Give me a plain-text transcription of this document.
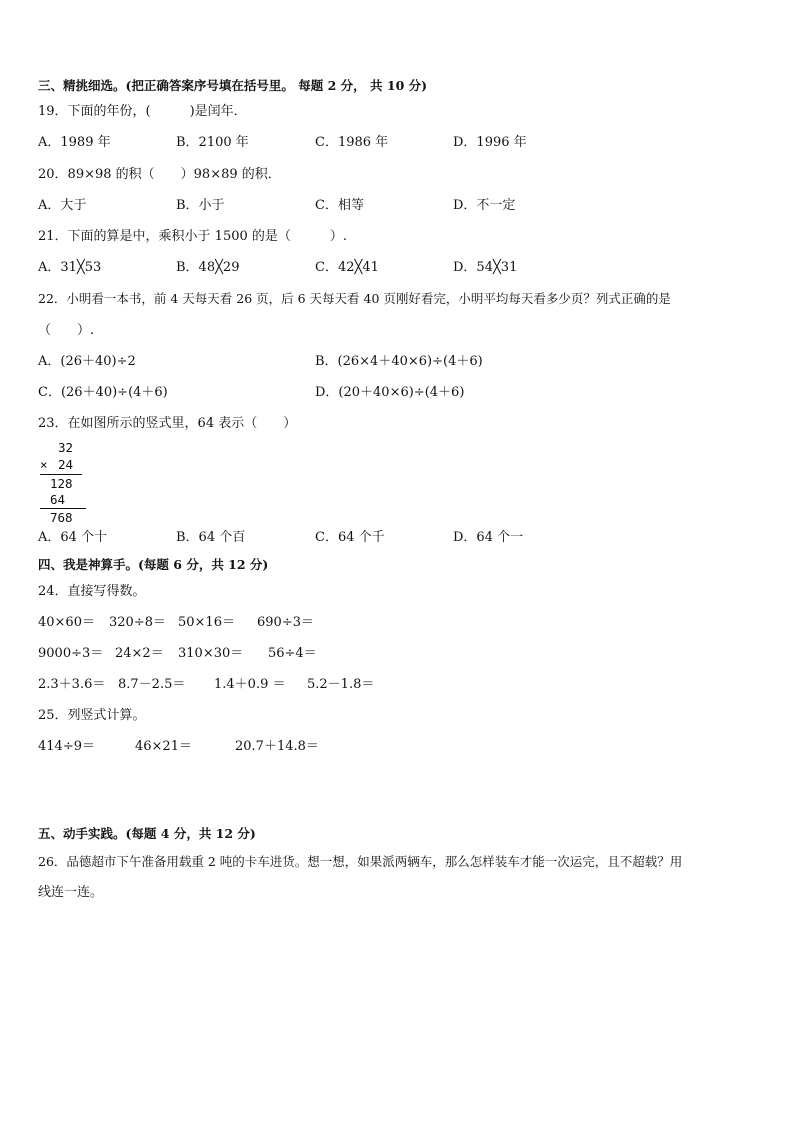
三、精挑细选。(把正确答案序号填在括号里。 每题 2 分， 共 10 分)
19．下面的年份，(　　　)是闰年．
A．1989 年	B．2100 年	C．1986 年	D．1996 年
20．89×98 的积（　　）98×89 的积．
A．大于	B．小于	C．相等	D．不一定
21．下面的算是中，乘积小于 1500 的是（　　　）.
A．31╳53	B．48╳29	C．42╳41	D．54╳31
22．小明看一本书，前 4 天每天看 26 页，后 6 天每天看 40 页刚好看完，小明平均每天看多少页？列式正确的是
（　　）.
A．(26＋40)÷2	B．(26×4＋40×6)÷(4＋6)
C．(26＋40)÷(4＋6)	D．(20＋40×6)÷(4＋6)
23．在如图所示的竖式里，64 表示（　　）
32
× 24
128
64
768
A．64 个十	B．64 个百	C．64 个千	D．64 个一
四、我是神算手。(每题 6 分，共 12 分)
24．直接写得数。
40×60＝ 320÷8＝ 50×16＝ 690÷3＝
9000÷3＝ 24×2＝ 310×30＝ 56÷4＝
2.3＋3.6＝ 8.7－2.5＝ 1.4＋0.9 ＝ 5.2－1.8＝
25．列竖式计算。
414÷9＝	46×21＝	20.7＋14.8＝
五、动手实践。(每题 4 分，共 12 分)
26．品德超市下午准备用载重 2 吨的卡车进货。想一想，如果派两辆车，那么怎样装车才能一次运完，且不超载？用
线连一连。
